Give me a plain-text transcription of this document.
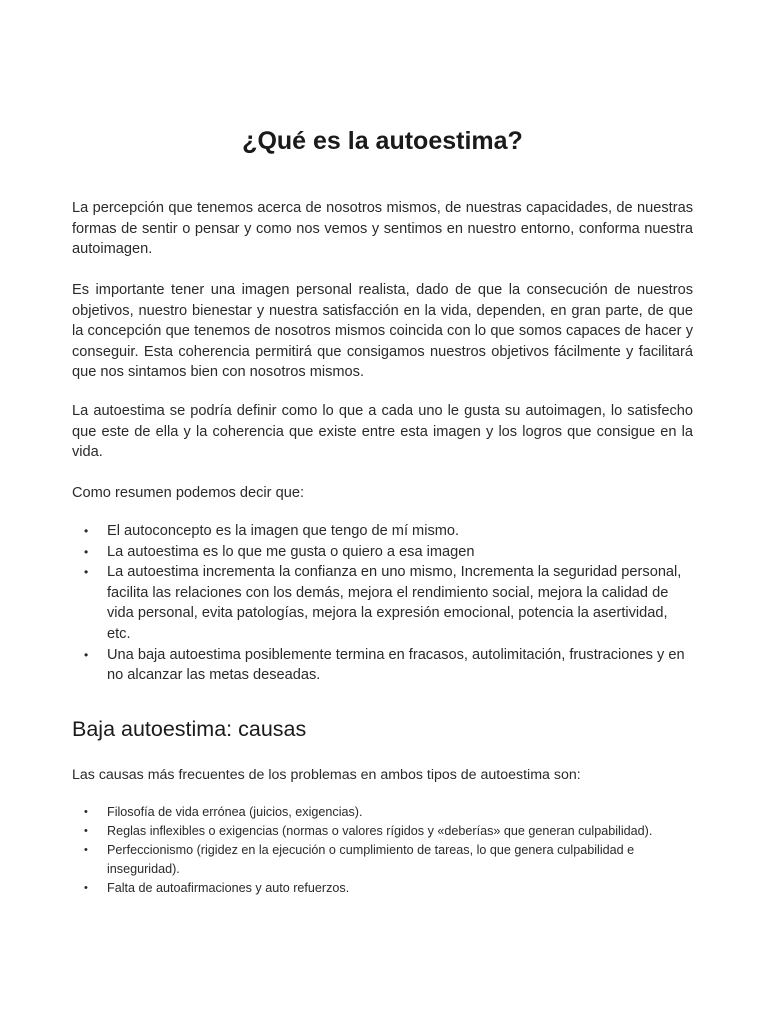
¿Qué es la autoestima?

La percepción que tenemos acerca de nosotros mismos, de nuestras capacidades, de nuestras formas de sentir o pensar y como nos vemos y sentimos en nuestro entorno, conforma nuestra autoimagen.

Es importante tener una imagen personal realista, dado de que la consecución de nuestros objetivos, nuestro bienestar y nuestra satisfacción en la vida, dependen, en gran parte, de que la concepción que tenemos de nosotros mismos coincida con lo que somos capaces de hacer y conseguir. Esta coherencia permitirá que consigamos nuestros objetivos fácilmente y facilitará que nos sintamos bien con nosotros mismos.

La autoestima se podría definir como lo que a cada uno le gusta su autoimagen, lo satisfecho que este de ella y la coherencia que existe entre esta imagen y los logros que consigue en la vida.

Como resumen podemos decir que:

• El autoconcepto es la imagen que tengo de mí mismo.
• La autoestima es lo que me gusta o quiero a esa imagen
• La autoestima incrementa la confianza en uno mismo, Incrementa la seguridad personal, facilita las relaciones con los demás, mejora el rendimiento social, mejora la calidad de vida personal, evita patologías, mejora la expresión emocional, potencia la asertividad, etc.
• Una baja autoestima posiblemente termina en fracasos, autolimitación, frustraciones y en no alcanzar las metas deseadas.
Baja autoestima: causas

Las causas más frecuentes de los problemas en ambos tipos de autoestima son:

• Filosofía de vida errónea (juicios, exigencias).
• Reglas inflexibles o exigencias (normas o valores rígidos y «deberías» que generan culpabilidad).
• Perfeccionismo (rigidez en la ejecución o cumplimiento de tareas, lo que genera culpabilidad e inseguridad).
• Falta de autoafirmaciones y auto refuerzos.
